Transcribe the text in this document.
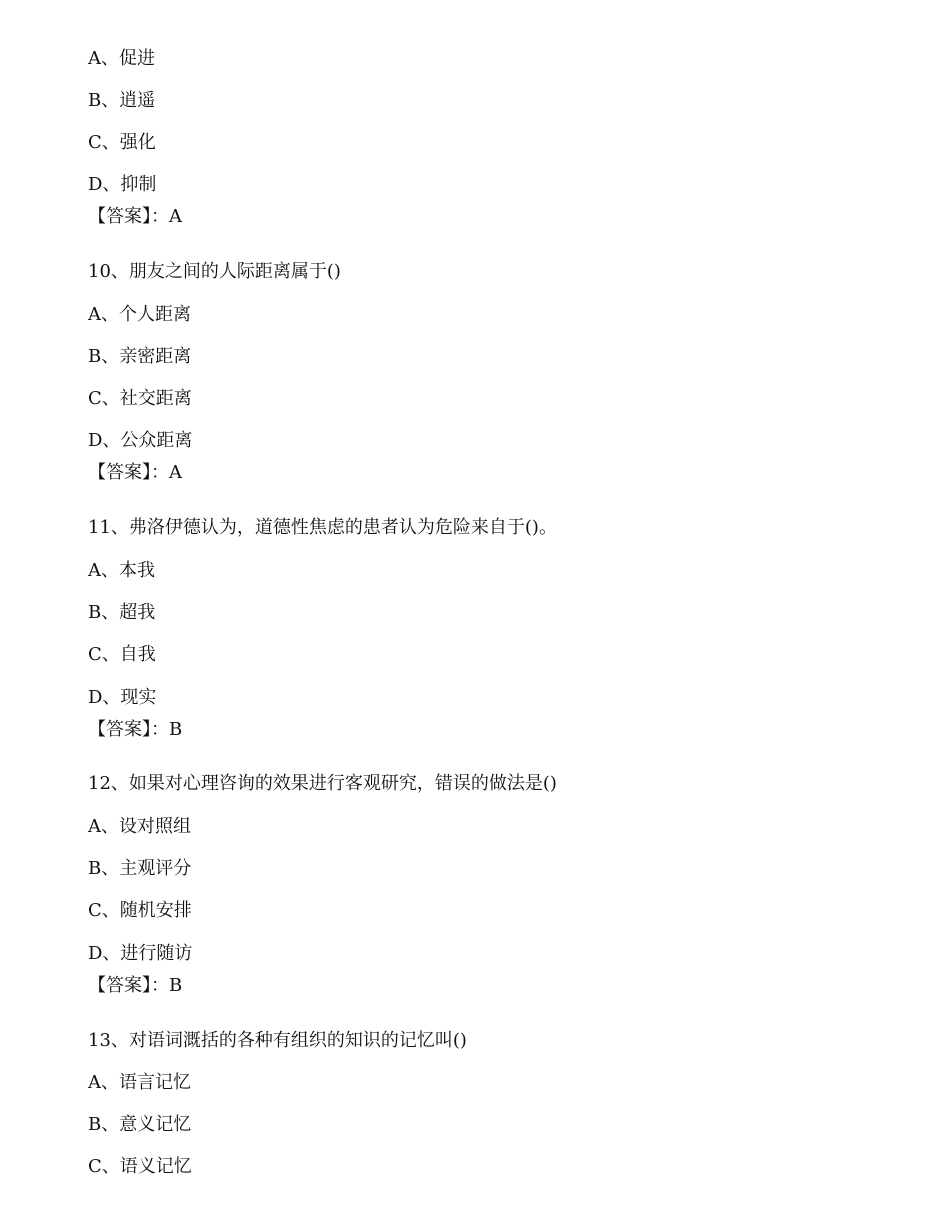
A、促进
B、逍遥
C、强化
D、抑制
【答案】：A
10、朋友之间的人际距离属于()
A、个人距离
B、亲密距离
C、社交距离
D、公众距离
【答案】：A
11、弗洛伊德认为，道德性焦虑的患者认为危险来自于()。
A、本我
B、超我
C、自我
D、现实
【答案】：B
12、如果对心理咨询的效果进行客观研究，错误的做法是()
A、设对照组
B、主观评分
C、随机安排
D、进行随访
【答案】：B
13、对语词溉括的各种有组织的知识的记忆叫()
A、语言记忆
B、意义记忆
C、语义记忆
